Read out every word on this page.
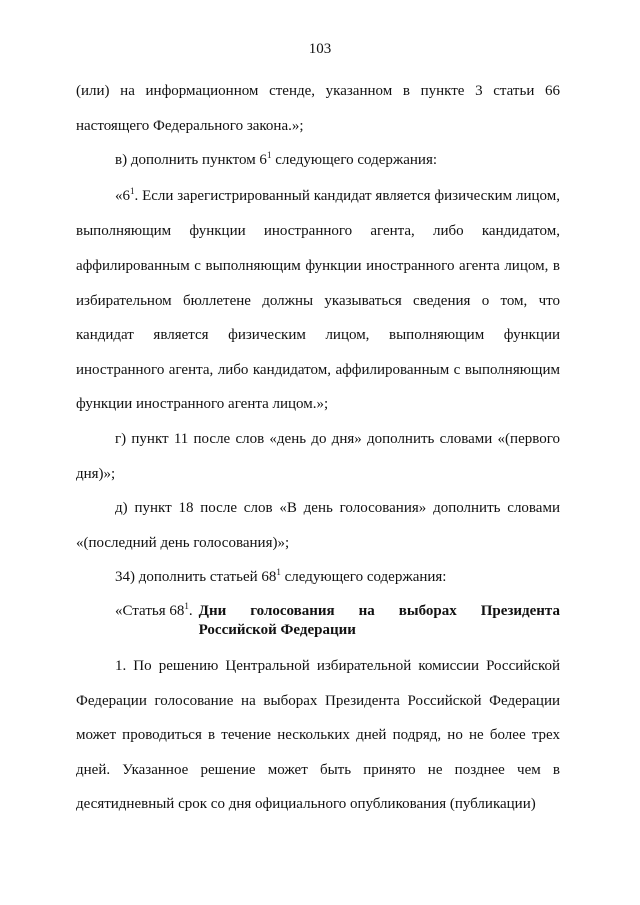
103

(или) на информационном стенде, указанном в пункте 3 статьи 66 настоящего Федерального закона.»;

в) дополнить пунктом $6^1$ следующего содержания:

«$6^1$. Если зарегистрированный кандидат является физическим лицом, выполняющим функции иностранного агента, либо кандидатом, аффилированным с выполняющим функции иностранного агента лицом, в избирательном бюллетене должны указываться сведения о том, что кандидат является физическим лицом, выполняющим функции иностранного агента, либо кандидатом, аффилированным с выполняющим функции иностранного агента лицом.»;

г) пункт 11 после слов «день до дня» дополнить словами «(первого дня)»;

д) пункт 18 после слов «В день голосования» дополнить словами «(последний день голосования)»;

34) дополнить статьей $68^1$ следующего содержания:

«Статья $68^1$. Дни голосования на выборах Президента
Российской Федерации

1. По решению Центральной избирательной комиссии Российской Федерации голосование на выборах Президента Российской Федерации может проводиться в течение нескольких дней подряд, но не более трех дней. Указанное решение может быть принято не позднее чем в десятидневный срок со дня официального опубликования (публикации)
